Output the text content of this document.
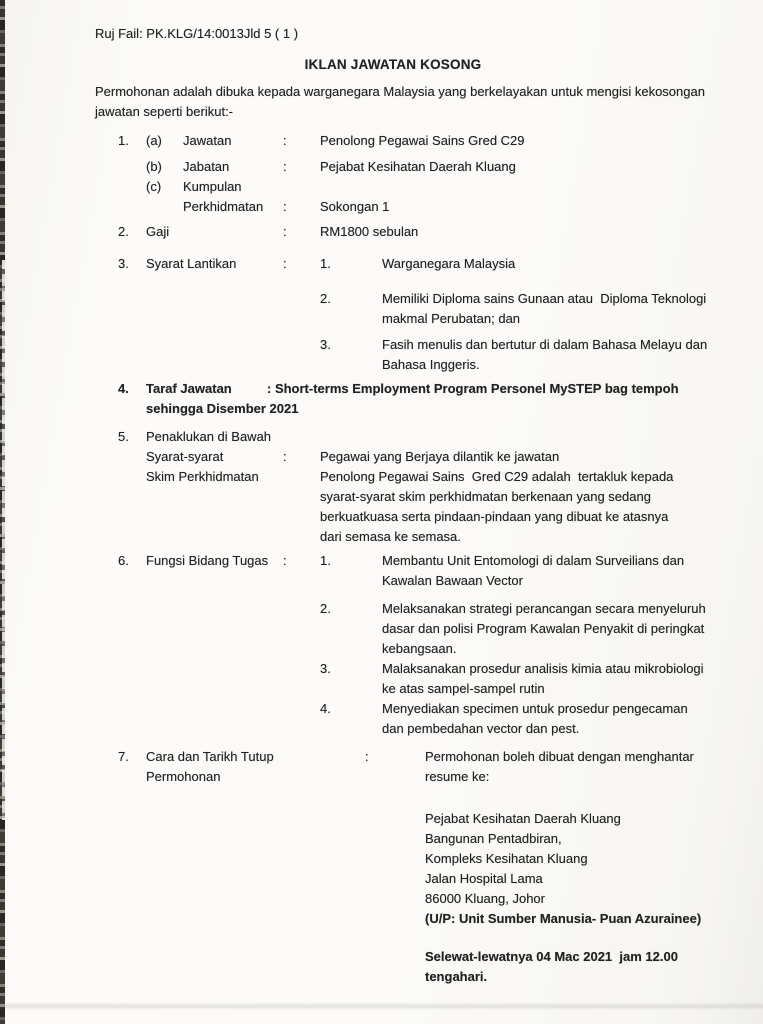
Ruj Fail: PK.KLG/14:0013Jld 5 ( 1 )
IKLAN JAWATAN KOSONG
Permohonan adalah dibuka kepada warganegara Malaysia yang berkelayakan untuk mengisi kekosongan
jawatan seperti berikut:-
1.	(a)	Jawatan	:	Penolong Pegawai Sains Gred C29
(b)	Jabatan	:	Pejabat Kesihatan Daerah Kluang
(c)	Kumpulan
Perkhidmatan	:	Sokongan 1
2.	Gaji	:	RM1800 sebulan
3.	Syarat Lantikan	:	1.	Warganegara Malaysia
2.	Memiliki Diploma sains Gunaan atau  Diploma Teknologi
makmal Perubatan; dan
3.	Fasih menulis dan bertutur di dalam Bahasa Melayu dan
Bahasa Inggeris.
4.	Taraf Jawatan	: Short-terms Employment Program Personel MySTEP bag tempoh
sehingga Disember 2021
5.	Penaklukan di Bawah
Syarat-syarat
Skim Perkhidmatan
:	Pegawai yang Berjaya dilantik ke jawatan
Penolong Pegawai Sains  Gred C29 adalah  tertakluk kepada
syarat-syarat skim perkhidmatan berkenaan yang sedang
berkuatkuasa serta pindaan-pindaan yang dibuat ke atasnya
dari semasa ke semasa.
6.	Fungsi Bidang Tugas	:	1.	Membantu Unit Entomologi di dalam Surveilians dan
Kawalan Bawaan Vector
2.	Melaksanakan strategi perancangan secara menyeluruh
dasar dan polisi Program Kawalan Penyakit di peringkat
kebangsaan.
3.	Malaksanakan prosedur analisis kimia atau mikrobiologi
ke atas sampel-sampel rutin
4.	Menyediakan specimen untuk prosedur pengecaman
dan pembedahan vector dan pest.
7.	Cara dan Tarikh Tutup
Permohonan
:	Permohonan boleh dibuat dengan menghantar
resume ke:
Pejabat Kesihatan Daerah Kluang
Bangunan Pentadbiran,
Kompleks Kesihatan Kluang
Jalan Hospital Lama
86000 Kluang, Johor
(U/P: Unit Sumber Manusia- Puan Azurainee)
Selewat-lewatnya 04 Mac 2021  jam 12.00
tengahari.
